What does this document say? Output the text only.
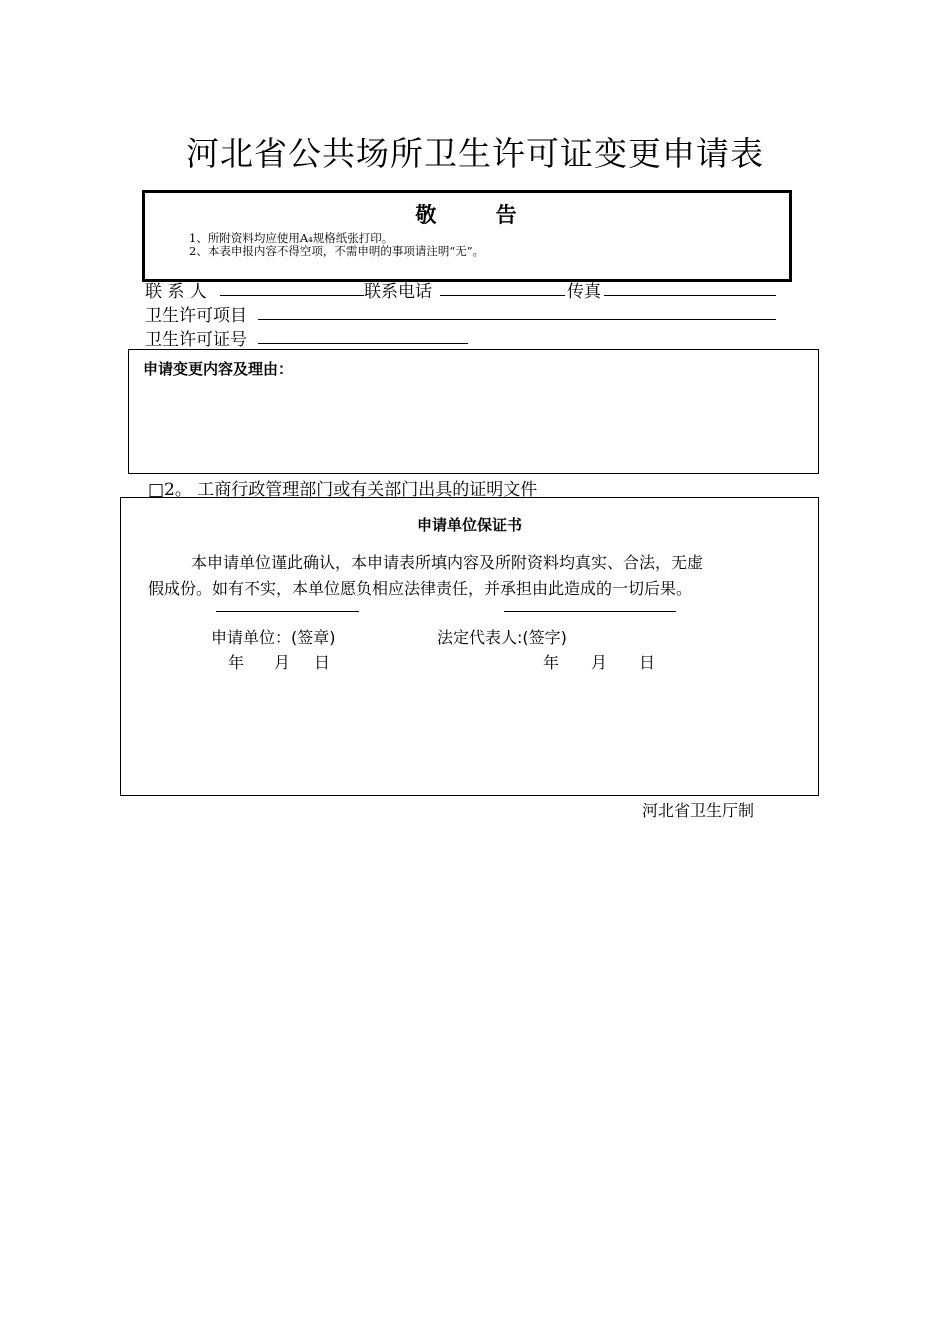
河北省公共场所卫生许可证变更申请表
敬 告
1、所附资料均应使用A₄规格纸张打印。
2、本表申报内容不得空项，不需申明的事项请注明“无”。
联 系 人	联系电话	传真
卫生许可项目
卫生许可证号
申请变更内容及理由：
□2。 工商行政管理部门或有关部门出具的证明文件
申请单位保证书
本申请单位谨此确认，本申请表所填内容及所附资料均真实、合法，无虚
假成份。如有不实，本单位愿负相应法律责任，并承担由此造成的一切后果。
申请单位：(签章)	法定代表人:(签字)
年 月 日	年 月 日
河北省卫生厅制
